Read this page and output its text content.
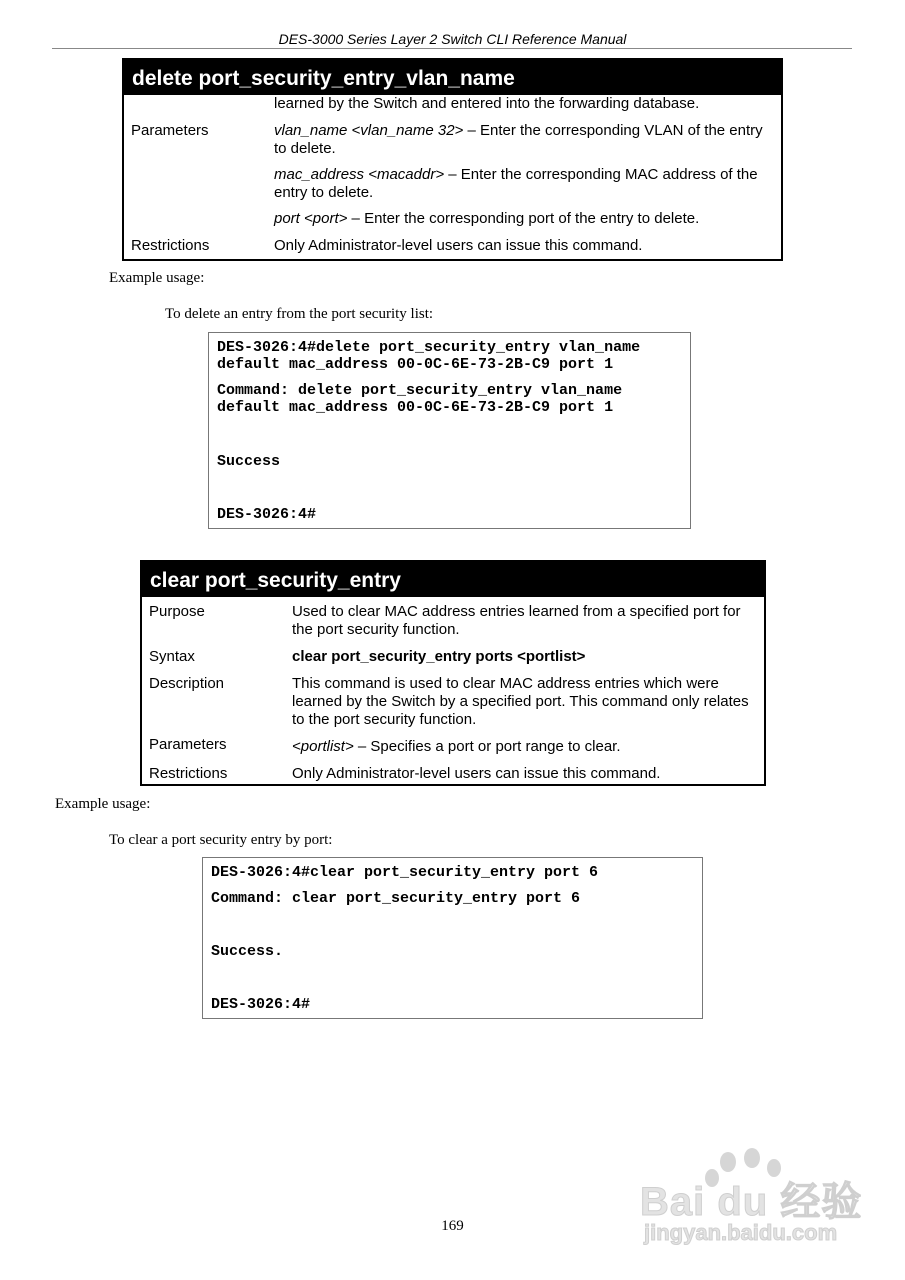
DES-3000 Series Layer 2 Switch CLI Reference Manual
delete port_security_entry_vlan_name
learned by the Switch and entered into the forwarding database.
Parameters	vlan_name <vlan_name 32> – Enter the corresponding VLAN of the entry
to delete.
mac_address <macaddr> – Enter the corresponding MAC address of the
entry to delete.
port <port> – Enter the corresponding port of the entry to delete.
Restrictions	Only Administrator-level users can issue this command.
Example usage:
To delete an entry from the port security list:
DES-3026:4#delete port_security_entry vlan_name
default mac_address 00-0C-6E-73-2B-C9 port 1
Command: delete port_security_entry vlan_name
default mac_address 00-0C-6E-73-2B-C9 port 1
Success
DES-3026:4#
clear port_security_entry
Purpose	Used to clear MAC address entries learned from a specified port for
the port security function.
Syntax	clear port_security_entry ports <portlist>
Description	This command is used to clear MAC address entries which were
learned by the Switch by a specified port. This command only relates
to the port security function.
Parameters	<portlist> – Specifies a port or port range to clear.
Restrictions	Only Administrator-level users can issue this command.
Example usage:
To clear a port security entry by port:
DES-3026:4#clear port_security_entry port 6
Command: clear port_security_entry port 6
Success.
DES-3026:4#
169
Bai du 经验
jingyan.baidu.com
